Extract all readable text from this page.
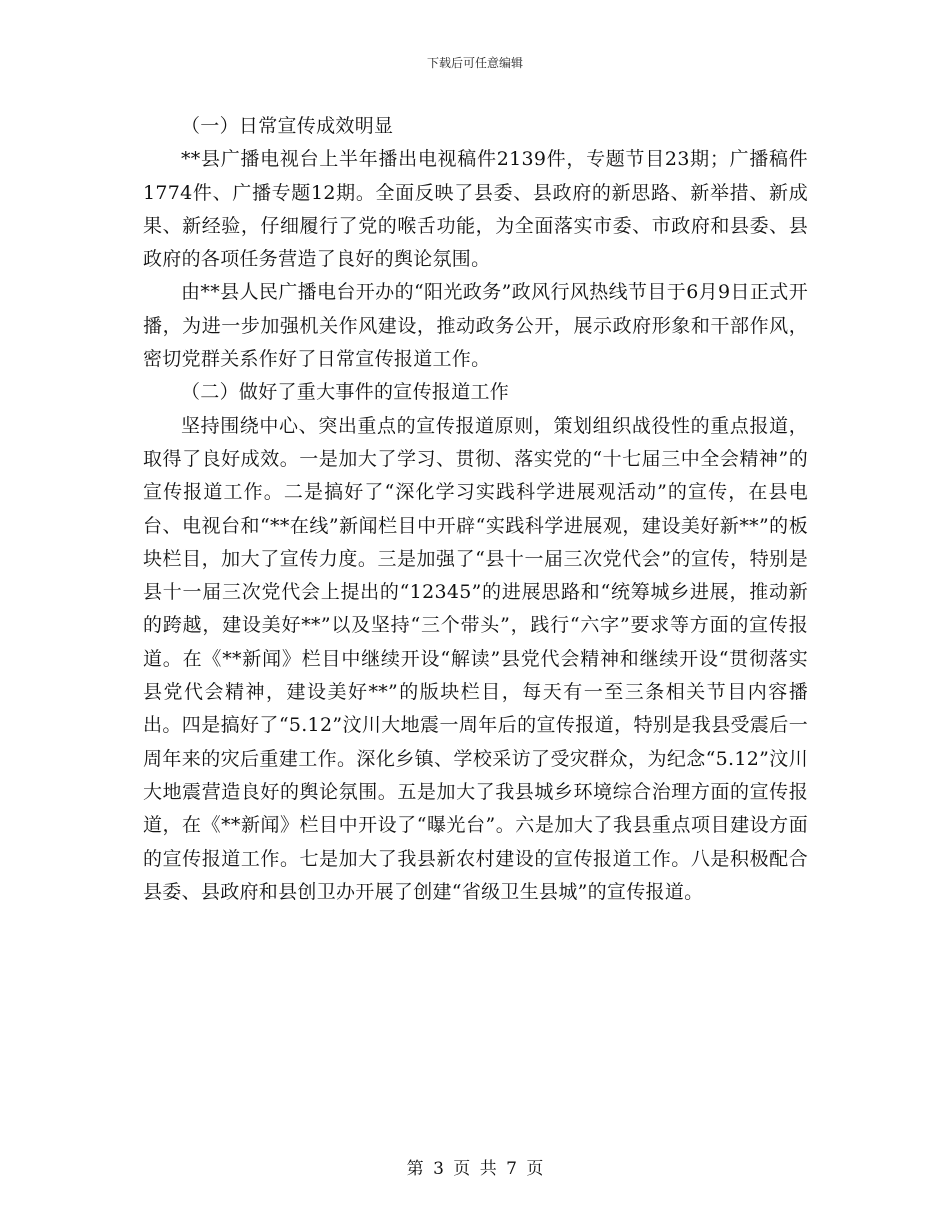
下载后可任意编辑

（一）日常宣传成效明显

**县广播电视台上半年播出电视稿件2139件，专题节目23期；广播稿件1774件、广播专题12期。全面反映了县委、县政府的新思路、新举措、新成果、新经验，仔细履行了党的喉舌功能，为全面落实市委、市政府和县委、县政府的各项任务营造了良好的舆论氛围。

由**县人民广播电台开办的“阳光政务”政风行风热线节目于6月9日正式开播，为进一步加强机关作风建设，推动政务公开，展示政府形象和干部作风，密切党群关系作好了日常宣传报道工作。

（二）做好了重大事件的宣传报道工作

坚持围绕中心、突出重点的宣传报道原则，策划组织战役性的重点报道，取得了良好成效。一是加大了学习、贯彻、落实党的“十七届三中全会精神”的宣传报道工作。二是搞好了“深化学习实践科学进展观活动”的宣传，在县电台、电视台和“**在线”新闻栏目中开辟“实践科学进展观，建设美好新**”的板块栏目，加大了宣传力度。三是加强了“县十一届三次党代会”的宣传，特别是县十一届三次党代会上提出的“12345”的进展思路和“统筹城乡进展，推动新的跨越，建设美好**”以及坚持“三个带头”，践行“六字”要求等方面的宣传报道。在《**新闻》栏目中继续开设“解读”县党代会精神和继续开设“贯彻落实县党代会精神，建设美好**”的版块栏目，每天有一至三条相关节目内容播出。四是搞好了“5.12”汶川大地震一周年后的宣传报道，特别是我县受震后一周年来的灾后重建工作。深化乡镇、学校采访了受灾群众，为纪念“5.12”汶川大地震营造良好的舆论氛围。五是加大了我县城乡环境综合治理方面的宣传报道，在《**新闻》栏目中开设了“曝光台”。六是加大了我县重点项目建设方面的宣传报道工作。七是加大了我县新农村建设的宣传报道工作。八是积极配合县委、县政府和县创卫办开展了创建“省级卫生县城”的宣传报道。

第 3 页 共 7 页
